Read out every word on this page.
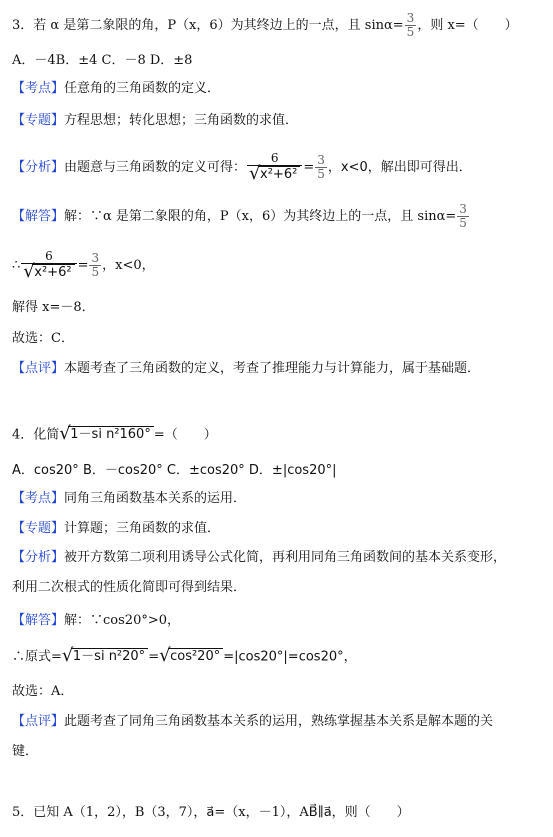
3．若 α 是第二象限的角，P（x，6）为其终边上的一点，且 $\sin\alpha= \frac{3}{5}$ ，则 x=（　　）
A．－4B．±4 C．－8 D．±8
【考点】任意角的三角函数的定义．
【专题】方程思想；转化思想；三角函数的求值．
【分析】由题意与三角函数的定义可得： $\frac{6}{\text{√ x²+6²}} = \frac{3}{5}$ ，x<0，解出即可得出．
【解答】解：∵α 是第二象限的角，P（x，6）为其终边上的一点，且 $\sin\alpha= \frac{3}{5}$
∴ $\frac{6}{\text{√ x²+6²}} = \frac{3}{5}$ ，x<0，
解得 x=－8．
故选：C．
【点评】本题考查了三角函数的定义，考查了推理能力与计算能力，属于基础题．
4．化简 √ 1－si n²160° =（　　）
A．cos20° B．－cos20° C．±cos20° D．±|cos20°|
【考点】同角三角函数基本关系的运用．
【专题】计算题；三角函数的求值．
【分析】被开方数第二项利用诱导公式化简，再利用同角三角函数间的基本关系变形，
利用二次根式的性质化简即可得到结果．
【解答】解：∵cos20°>0，
∴原式= √ 1－si n²20° = √ cos²20° =|cos20°|=cos20°，
故选：A．
【点评】此题考查了同角三角函数基本关系的运用，熟练掌握基本关系是解本题的关
键．
5．已知 A（1，2），B（3，7），a⃗=（x，－1），AB⃗∥a⃗，则（　　）
